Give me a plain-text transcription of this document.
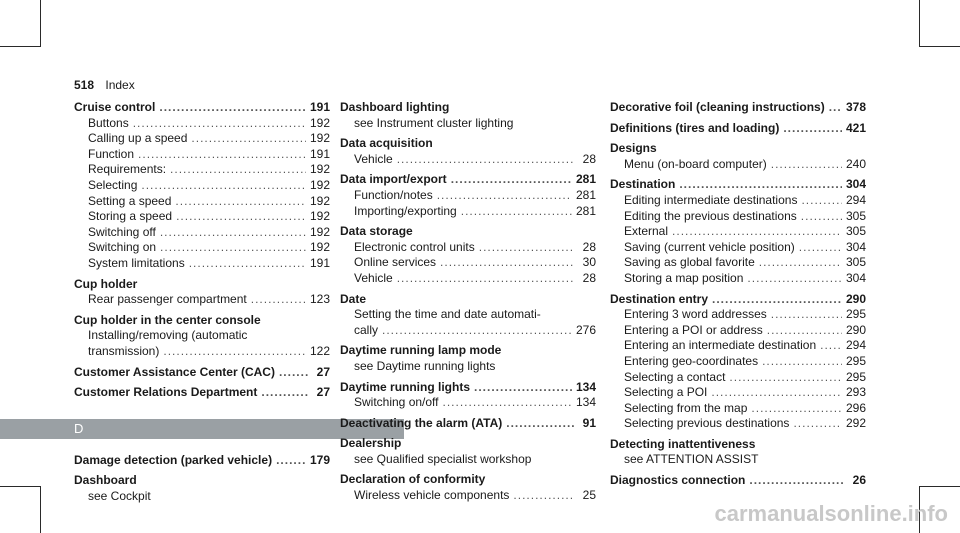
518 Index
Cruise control .....	191
Buttons .....	192
Calling up a speed .....	192
Function .....	191
Requirements: .....	192
Selecting .....	192
Setting a speed .....	192
Storing a speed .....	192
Switching off .....	192
Switching on .....	192
System limitations .....	191
Cup holder
Rear passenger compartment .....	123
Cup holder in the center console
Installing/removing (automatic
transmission) .....	122
Customer Assistance Center (CAC) .....	27
Customer Relations Department .....	27
D
Damage detection (parked vehicle) .....	179
Dashboard
see Cockpit
Dashboard lighting
see Instrument cluster lighting
Data acquisition
Vehicle .....	28
Data import/export .....	281
Function/notes .....	281
Importing/exporting .....	281
Data storage
Electronic control units .....	28
Online services .....	30
Vehicle .....	28
Date
Setting the time and date automati-
cally .....	276
Daytime running lamp mode
see Daytime running lights
Daytime running lights .....	134
Switching on/off .....	134
Deactivating the alarm (ATA) .....	91
Dealership
see Qualified specialist workshop
Declaration of conformity
Wireless vehicle components .....	25
Decorative foil (cleaning instructions) ..... 378
Definitions (tires and loading) .....	421
Designs
Menu (on-board computer) .....	240
Destination .....	304
Editing intermediate destinations .....	294
Editing the previous destinations .....	305
External .....	305
Saving (current vehicle position) .....	304
Saving as global favorite .....	305
Storing a map position .....	304
Destination entry .....	290
Entering 3 word addresses .....	295
Entering a POI or address .....	290
Entering an intermediate destination ..... 294
Entering geo-coordinates .....	295
Selecting a contact .....	295
Selecting a POI .....	293
Selecting from the map .....	296
Selecting previous destinations .....	292
Detecting inattentiveness
see ATTENTION ASSIST
Diagnostics connection .....	26
carmanualsonline.info
